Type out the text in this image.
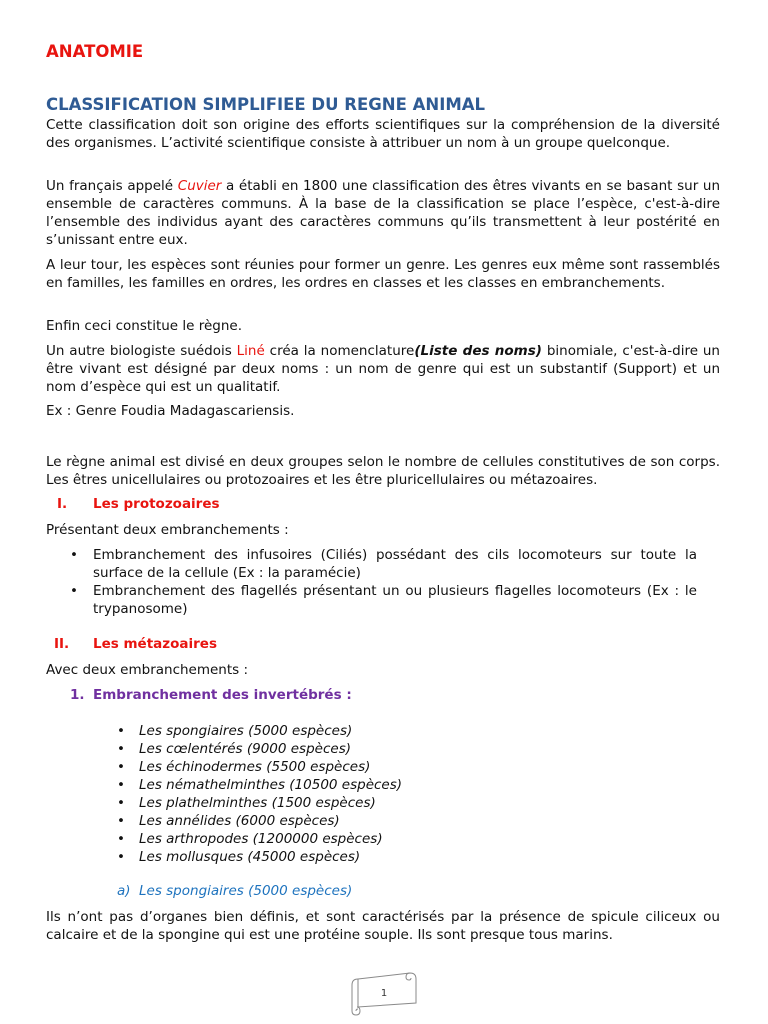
ANATOMIE
CLASSIFICATION SIMPLIFIEE DU REGNE ANIMAL
Cette classification doit son origine des efforts scientifiques sur la compréhension de la diversité des organismes. L’activité scientifique consiste à attribuer un nom à un groupe quelconque.
Un français appelé Cuvier a établi en 1800 une classification des êtres vivants en se basant sur un ensemble de caractères communs. À la base de la classification se place l’espèce, c'est-à-dire l’ensemble des individus ayant des caractères communs qu’ils transmettent à leur postérité en s’unissant entre eux.
A leur tour, les espèces sont réunies pour former un genre. Les genres eux même sont rassemblés en familles, les familles en ordres, les ordres en classes et les classes en embranchements.
Enfin ceci constitue le règne.
Un autre biologiste suédois Liné créa la nomenclature(Liste des noms) binomiale, c'est-à-dire un être vivant est désigné par deux noms : un nom de genre qui est un substantif (Support) et un nom d’espèce qui est un qualitatif.
Ex : Genre Foudia Madagascariensis.
Le règne animal est divisé en deux groupes selon le nombre de cellules constitutives de son corps. Les êtres unicellulaires ou protozoaires et les être pluricellulaires ou métazoaires.
I. Les protozoaires
Présentant deux embranchements :
• Embranchement des infusoires (Ciliés) possédant des cils locomoteurs sur toute la surface de la cellule (Ex : la paramécie)
• Embranchement des flagellés présentant un ou plusieurs flagelles locomoteurs (Ex : le trypanosome)
II. Les métazoaires
Avec deux embranchements :
1. Embranchement des invertébrés :
• Les spongiaires (5000 espèces)
• Les cœlentérés (9000 espèces)
• Les échinodermes (5500 espèces)
• Les némathelminthes (10500 espèces)
• Les plathelminthes (1500 espèces)
• Les annélides (6000 espèces)
• Les arthropodes (1200000 espèces)
• Les mollusques (45000 espèces)
a) Les spongiaires (5000 espèces)
Ils n’ont pas d’organes bien définis, et sont caractérisés par la présence de spicule ciliceux ou calcaire et de la spongine qui est une protéine souple. Ils sont presque tous marins.
1
